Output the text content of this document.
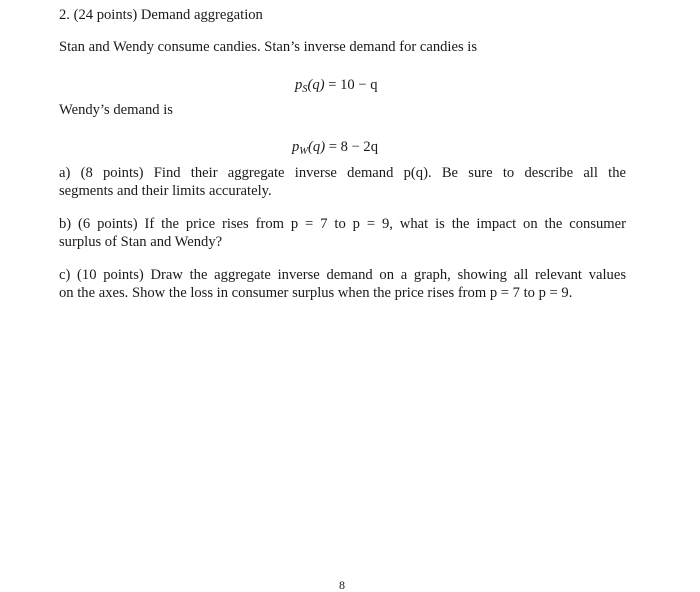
2. (24 points) Demand aggregation
Stan and Wendy consume candies. Stan’s inverse demand for candies is
$p_S(q) = 10 - q$
Wendy’s demand is
$p_W(q) = 8 - 2q$
a) (8 points) Find their aggregate inverse demand p(q). Be sure to describe all the
segments and their limits accurately.
b) (6 points) If the price rises from p = 7 to p = 9, what is the impact on the consumer
surplus of Stan and Wendy?
c) (10 points) Draw the aggregate inverse demand on a graph, showing all relevant values
on the axes. Show the loss in consumer surplus when the price rises from p = 7 to p = 9.
8
